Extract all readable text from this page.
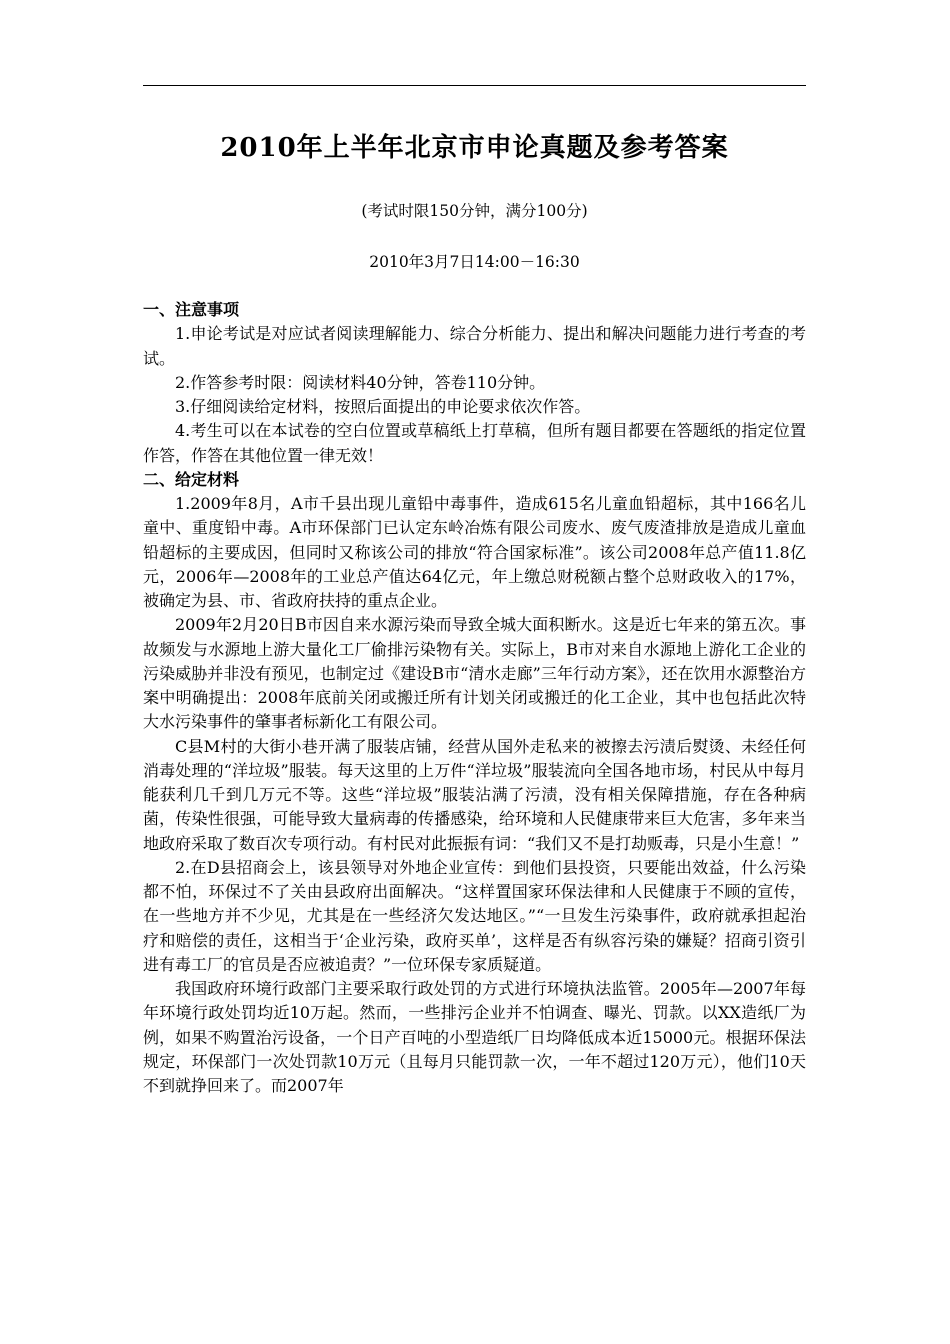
2010年上半年北京市申论真题及参考答案
(考试时限150分钟，满分100分)
2010年3月7日14:00－16:30

一、注意事项

1.申论考试是对应试者阅读理解能力、综合分析能力、提出和解决问题能力进行考查的考试。

2.作答参考时限：阅读材料40分钟，答卷110分钟。

3.仔细阅读给定材料，按照后面提出的申论要求依次作答。

4.考生可以在本试卷的空白位置或草稿纸上打草稿，但所有题目都要在答题纸的指定位置作答，作答在其他位置一律无效！

二、给定材料

1.2009年8月，A市千县出现儿童铅中毒事件，造成615名儿童血铅超标，其中166名儿童中、重度铅中毒。A市环保部门已认定东岭冶炼有限公司废水、废气废渣排放是造成儿童血铅超标的主要成因，但同时又称该公司的排放“符合国家标准”。该公司2008年总产值11.8亿元，2006年—2008年的工业总产值达64亿元，年上缴总财税额占整个总财政收入的17%，被确定为县、市、省政府扶持的重点企业。

2009年2月20日B市因自来水源污染而导致全城大面积断水。这是近七年来的第五次。事故频发与水源地上游大量化工厂偷排污染物有关。实际上，B市对来自水源地上游化工企业的污染威胁并非没有预见，也制定过《建设B市“清水走廊”三年行动方案》，还在饮用水源整治方案中明确提出：2008年底前关闭或搬迁所有计划关闭或搬迁的化工企业，其中也包括此次特大水污染事件的肇事者标新化工有限公司。

C县M村的大街小巷开满了服装店铺，经营从国外走私来的被擦去污渍后熨烫、未经任何消毒处理的“洋垃圾”服装。每天这里的上万件“洋垃圾”服装流向全国各地市场，村民从中每月能获利几千到几万元不等。这些“洋垃圾”服装沾满了污渍，没有相关保障措施，存在各种病菌，传染性很强，可能导致大量病毒的传播感染，给环境和人民健康带来巨大危害，多年来当地政府采取了数百次专项行动。有村民对此振振有词：“我们又不是打劫贩毒，只是小生意！”

2.在D县招商会上，该县领导对外地企业宣传：到他们县投资，只要能出效益，什么污染都不怕，环保过不了关由县政府出面解决。“这样置国家环保法律和人民健康于不顾的宣传，在一些地方并不少见，尤其是在一些经济欠发达地区。”“一旦发生污染事件，政府就承担起治疗和赔偿的责任，这相当于‘企业污染，政府买单’，这样是否有纵容污染的嫌疑？招商引资引进有毒工厂的官员是否应被追责？”一位环保专家质疑道。

我国政府环境行政部门主要采取行政处罚的方式进行环境执法监管。2005年—2007年每年环境行政处罚均近10万起。然而，一些排污企业并不怕调查、曝光、罚款。以XX造纸厂为例，如果不购置治污设备，一个日产百吨的小型造纸厂日均降低成本近15000元。根据环保法规定，环保部门一次处罚款10万元（且每月只能罚款一次，一年不超过120万元），他们10天不到就挣回来了。而2007年
